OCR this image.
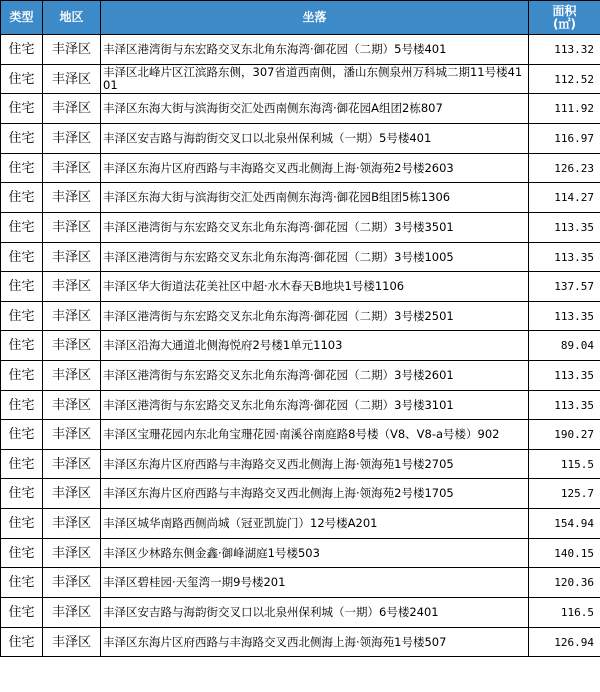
类型	地区	坐落	面积
(㎡)
住宅	丰泽区	丰泽区港湾街与东宏路交叉东北角东海湾·御花园（二期）5号楼401	113.32
住宅	丰泽区	丰泽区北峰片区江滨路东侧，307省道西南侧，潘山东侧泉州万科城二期11号楼4101	112.52
住宅	丰泽区	丰泽区东海大街与滨海街交汇处西南侧东海湾·御花园A组团2栋807	111.92
住宅	丰泽区	丰泽区安吉路与海韵街交叉口以北泉州保利城（一期）5号楼401	116.97
住宅	丰泽区	丰泽区东海片区府西路与丰海路交叉西北侧海上海·领海苑2号楼2603	126.23
住宅	丰泽区	丰泽区东海大街与滨海街交汇处西南侧东海湾·御花园B组团5栋1306	114.27
住宅	丰泽区	丰泽区港湾街与东宏路交叉东北角东海湾·御花园（二期）3号楼3501	113.35
住宅	丰泽区	丰泽区港湾街与东宏路交叉东北角东海湾·御花园（二期）3号楼1005	113.35
住宅	丰泽区	丰泽区华大街道法花美社区中超·水木春天B地块1号楼1106	137.57
住宅	丰泽区	丰泽区港湾街与东宏路交叉东北角东海湾·御花园（二期）3号楼2501	113.35
住宅	丰泽区	丰泽区沿海大通道北侧海悦府2号楼1单元1103	89.04
住宅	丰泽区	丰泽区港湾街与东宏路交叉东北角东海湾·御花园（二期）3号楼2601	113.35
住宅	丰泽区	丰泽区港湾街与东宏路交叉东北角东海湾·御花园（二期）3号楼3101	113.35
住宅	丰泽区	丰泽区宝珊花园内东北角宝珊花园·南溪谷南庭路8号楼（V8、V8-a号楼）902	190.27
住宅	丰泽区	丰泽区东海片区府西路与丰海路交叉西北侧海上海·领海苑1号楼2705	115.5
住宅	丰泽区	丰泽区东海片区府西路与丰海路交叉西北侧海上海·领海苑2号楼1705	125.7
住宅	丰泽区	丰泽区城华南路西侧尚城（冠亚凯旋门）12号楼A201	154.94
住宅	丰泽区	丰泽区少林路东侧金鑫·御峰湖庭1号楼503	140.15
住宅	丰泽区	丰泽区碧桂园·天玺湾一期9号楼201	120.36
住宅	丰泽区	丰泽区安吉路与海韵街交叉口以北泉州保利城（一期）6号楼2401	116.5
住宅	丰泽区	丰泽区东海片区府西路与丰海路交叉西北侧海上海·领海苑1号楼507	126.94
